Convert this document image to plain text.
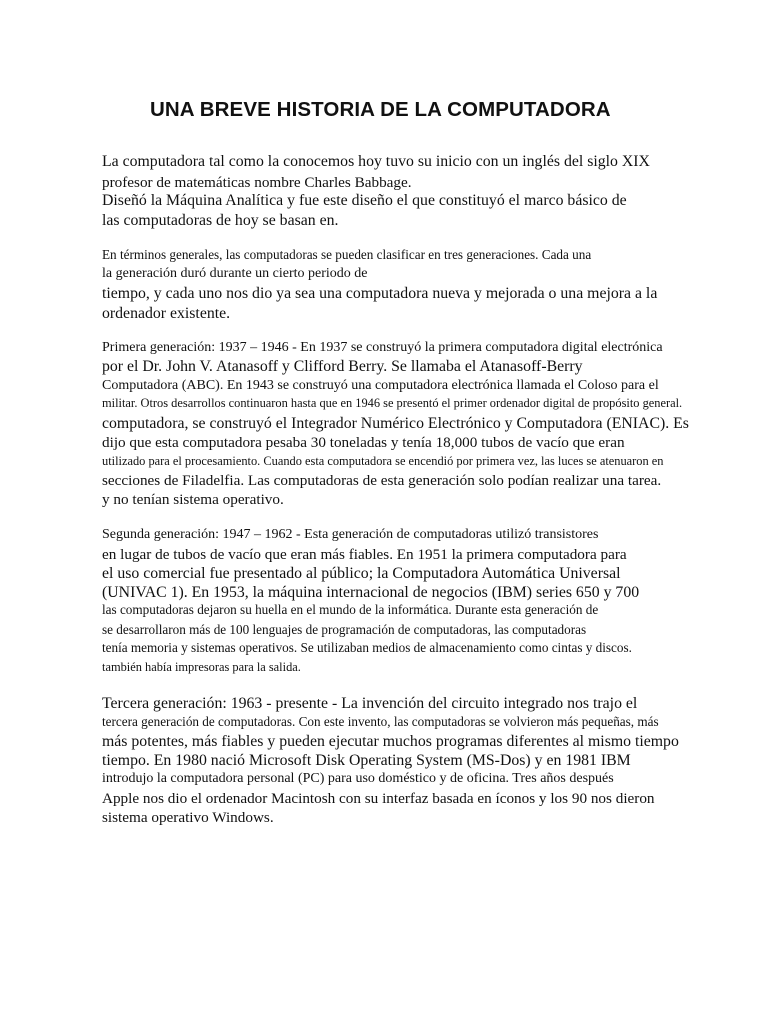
UNA BREVE HISTORIA DE LA COMPUTADORA

La computadora tal como la conocemos hoy tuvo su inicio con un inglés del siglo XIX

profesor de matemáticas nombre Charles Babbage.

Diseñó la Máquina Analítica y fue este diseño el que constituyó el marco básico de

las computadoras de hoy se basan en.

En términos generales, las computadoras se pueden clasificar en tres generaciones. Cada una

la generación duró durante un cierto periodo de

tiempo, y cada uno nos dio ya sea una computadora nueva y mejorada o una mejora a la

ordenador existente.

Primera generación: 1937 – 1946 - En 1937 se construyó la primera computadora digital electrónica

por el Dr. John V. Atanasoff y Clifford Berry. Se llamaba el Atanasoff-Berry

Computadora (ABC). En 1943 se construyó una computadora electrónica llamada el Coloso para el

militar. Otros desarrollos continuaron hasta que en 1946 se presentó el primer ordenador digital de propósito general.

computadora, se construyó el Integrador Numérico Electrónico y Computadora (ENIAC). Es

dijo que esta computadora pesaba 30 toneladas y tenía 18,000 tubos de vacío que eran

utilizado para el procesamiento. Cuando esta computadora se encendió por primera vez, las luces se atenuaron en

secciones de Filadelfia. Las computadoras de esta generación solo podían realizar una tarea.

y no tenían sistema operativo.

Segunda generación: 1947 – 1962 - Esta generación de computadoras utilizó transistores

en lugar de tubos de vacío que eran más fiables. En 1951 la primera computadora para

el uso comercial fue presentado al público; la Computadora Automática Universal

(UNIVAC 1). En 1953, la máquina internacional de negocios (IBM) series 650 y 700

las computadoras dejaron su huella en el mundo de la informática. Durante esta generación de

se desarrollaron más de 100 lenguajes de programación de computadoras, las computadoras

tenía memoria y sistemas operativos. Se utilizaban medios de almacenamiento como cintas y discos.

también había impresoras para la salida.

Tercera generación: 1963 - presente - La invención del circuito integrado nos trajo el

tercera generación de computadoras. Con este invento, las computadoras se volvieron más pequeñas, más

más potentes, más fiables y pueden ejecutar muchos programas diferentes al mismo tiempo

tiempo. En 1980 nació Microsoft Disk Operating System (MS-Dos) y en 1981 IBM

introdujo la computadora personal (PC) para uso doméstico y de oficina. Tres años después

Apple nos dio el ordenador Macintosh con su interfaz basada en íconos y los 90 nos dieron

sistema operativo Windows.
